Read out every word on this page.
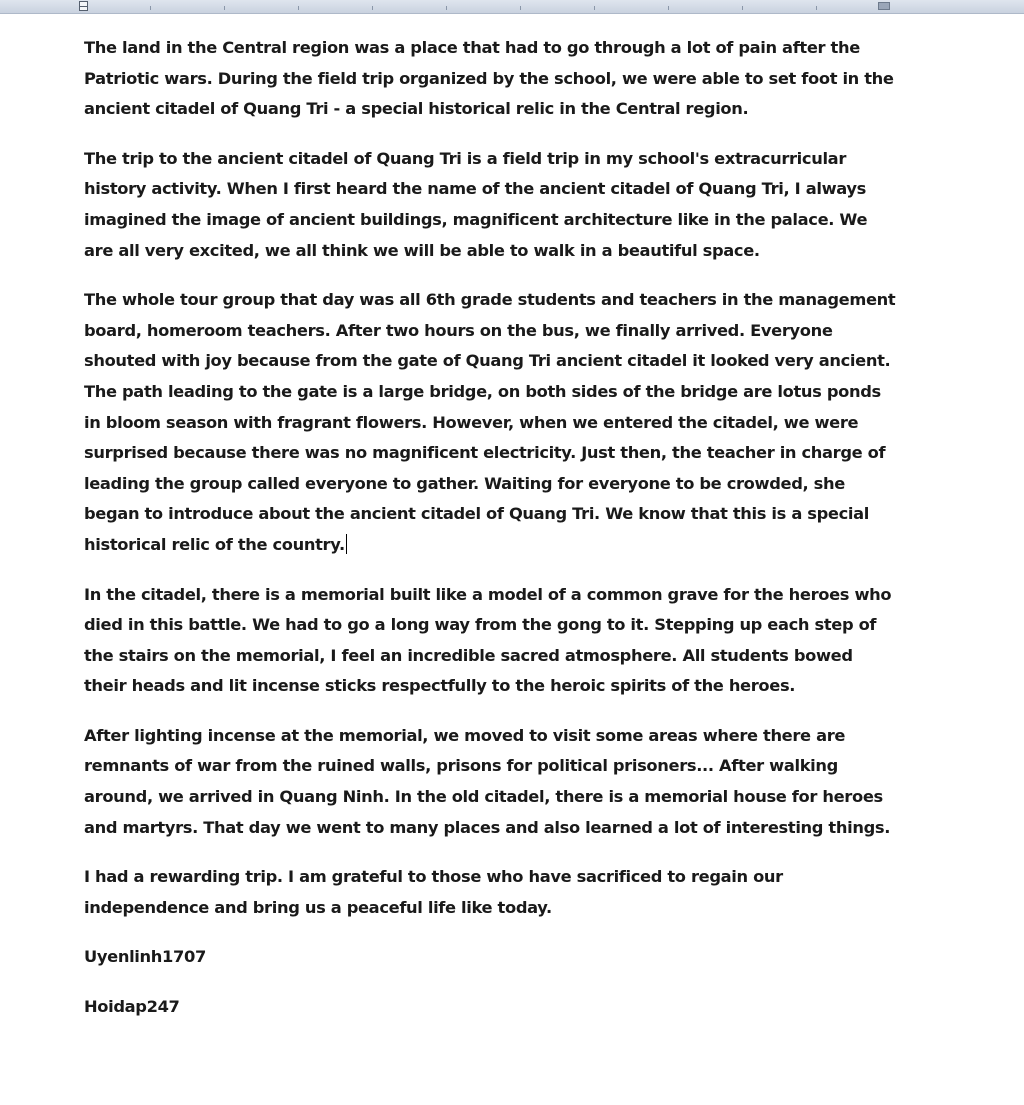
The land in the Central region was a place that had to go through a lot of pain after the Patriotic wars. During the field trip organized by the school, we were able to set foot in the ancient citadel of Quang Tri - a special historical relic in the Central region.

The trip to the ancient citadel of Quang Tri is a field trip in my school's extracurricular history activity. When I first heard the name of the ancient citadel of Quang Tri, I always imagined the image of ancient buildings, magnificent architecture like in the palace. We are all very excited, we all think we will be able to walk in a beautiful space.

The whole tour group that day was all 6th grade students and teachers in the management board, homeroom teachers. After two hours on the bus, we finally arrived. Everyone shouted with joy because from the gate of Quang Tri ancient citadel it looked very ancient. The path leading to the gate is a large bridge, on both sides of the bridge are lotus ponds in bloom season with fragrant flowers. However, when we entered the citadel, we were surprised because there was no magnificent electricity. Just then, the teacher in charge of leading the group called everyone to gather. Waiting for everyone to be crowded, she began to introduce about the ancient citadel of Quang Tri. We know that this is a special historical relic of the country.

In the citadel, there is a memorial built like a model of a common grave for the heroes who died in this battle. We had to go a long way from the gong to it. Stepping up each step of the stairs on the memorial, I feel an incredible sacred atmosphere. All students bowed their heads and lit incense sticks respectfully to the heroic spirits of the heroes.

After lighting incense at the memorial, we moved to visit some areas where there are remnants of war from the ruined walls, prisons for political prisoners... After walking around, we arrived in Quang Ninh. In the old citadel, there is a memorial house for heroes and martyrs. That day we went to many places and also learned a lot of interesting things.

I had a rewarding trip. I am grateful to those who have sacrificed to regain our independence and bring us a peaceful life like today.

Uyenlinh1707

Hoidap247
